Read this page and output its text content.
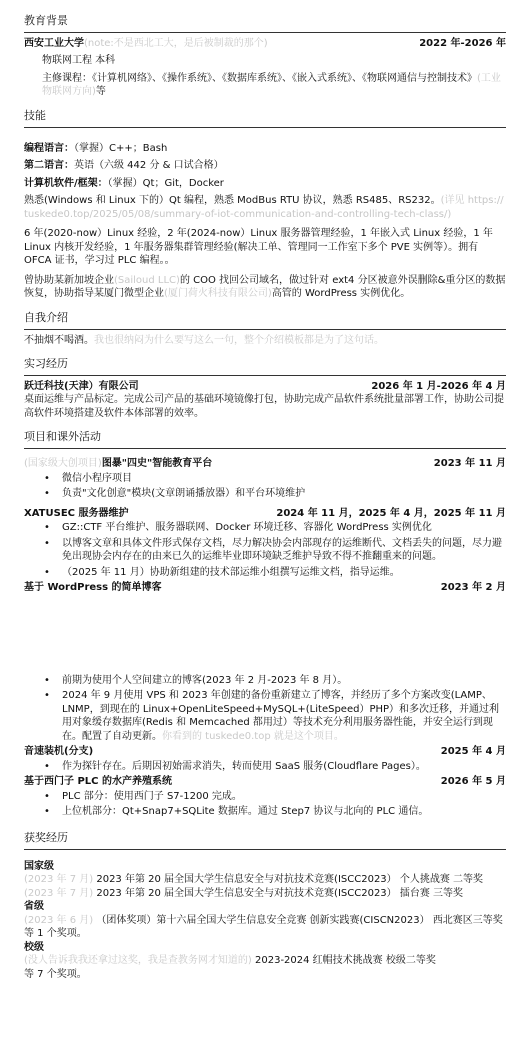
教育背景
西安工业大学(note:不是西北工大，是后被制裁的那个)	2022 年-2026 年
物联网工程 本科
主修课程：《计算机网络》、《操作系统》、《数据库系统》、《嵌入式系统》、《物联网通信与控制技术》(工业物联网方向)等
技能
编程语言：（掌握）C++；Bash
第二语言：英语（六级 442 分 & 口试合格）
计算机软件/框架：（掌握）Qt；Git，Docker
熟悉(Windows 和 Linux 下的）Qt 编程，熟悉 ModBus RTU 协议，熟悉 RS485、RS232。(详见 https://tuskede0.top/2025/05/08/summary-of-iot-communication-and-controlling-tech-class/)
6 年(2020-now）Linux 经验，2 年(2024-now）Linux 服务器管理经验，1 年嵌入式 Linux 经验，1 年 Linux 内核开发经验，1 年服务器集群管理经验(解决工单、管理同一工作室下多个 PVE 实例等）。拥有 OFCA 证书，学习过 PLC 编程。。
曾协助某新加坡企业(Sailoud LLC)的 COO 找回公司域名，做过针对 ext4 分区被意外误删除&重分区的数据恢复，协助指导某厦门微型企业(厦门荷火科技有限公司)高管的 WordPress 实例优化。
自我介绍
不抽烟不喝酒。我也很纳闷为什么要写这么一句，整个介绍模板都是为了这句话。
实习经历
跃迁科技(天津）有限公司	2026 年 1 月-2026 年 4 月
桌面运维与产品标定。完成公司产品的基础环境镜像打包，协助完成产品软件系统批量部署工作，协助公司提高软件环境搭建及软件本体部署的效率。
项目和课外活动
(国家级大创项目)图暴"四史"智能教育平台	2023 年 11 月
• 微信小程序项目
• 负责"文化创意"模块(文章朗诵播放器）和平台环境维护
XATUSEC 服务器维护	2024 年 11 月，2025 年 4 月，2025 年 11 月
• GZ::CTF 平台维护、服务器联网、Docker 环境迁移、容器化 WordPress 实例优化
• 以博客文章和具体文件形式保存文档，尽力解决协会内部现存的运维断代、文档丢失的问题，尽力避免出现协会内存在的由来已久的运维毕业即环境缺乏维护导致不得不推翻重来的问题。
• （2025 年 11 月）协助新组建的技术部运维小组撰写运维文档，指导运维。
基于 WordPress 的简单博客	2023 年 2 月
• 前期为使用个人空间建立的博客(2023 年 2 月-2023 年 8 月）。
• 2024 年 9 月使用 VPS 和 2023 年创建的备份重新建立了博客，并经历了多个方案改变(LAMP、LNMP，到现在的 Linux+OpenLiteSpeed+MySQL+(LiteSpeed）PHP）和多次迁移，并通过利用对象缓存数据库(Redis 和 Memcached 都用过）等技术充分利用服务器性能，并安全运行到现在。配置了自动更新。你看到的 tuskede0.top 就是这个项目。
音速装机(分支)	2025 年 4 月
• 作为探针存在。后期因初始需求消失，转而使用 SaaS 服务(Cloudflare Pages）。
基于西门子 PLC 的水产养殖系统	2026 年 5 月
• PLC 部分：使用西门子 S7-1200 完成。
• 上位机部分：Qt+Snap7+SQLite 数据库。通过 Step7 协议与北向的 PLC 通信。
获奖经历
国家级
(2023 年 7 月) 2023 年第 20 届全国大学生信息安全与对抗技术竞赛(ISCC2023） 个人挑战赛 二等奖
(2023 年 7 月) 2023 年第 20 届全国大学生信息安全与对抗技术竞赛(ISCC2023） 擂台赛 三等奖
省级
(2023 年 6 月) （团体奖项）第十六届全国大学生信息安全竞赛 创新实践赛(CISCN2023） 西北赛区三等奖
等 1 个奖项。
校级
(没人告诉我我还拿过这奖，我是查教务网才知道的) 2023-2024 红帽技术挑战赛 校级二等奖
等 7 个奖项。
